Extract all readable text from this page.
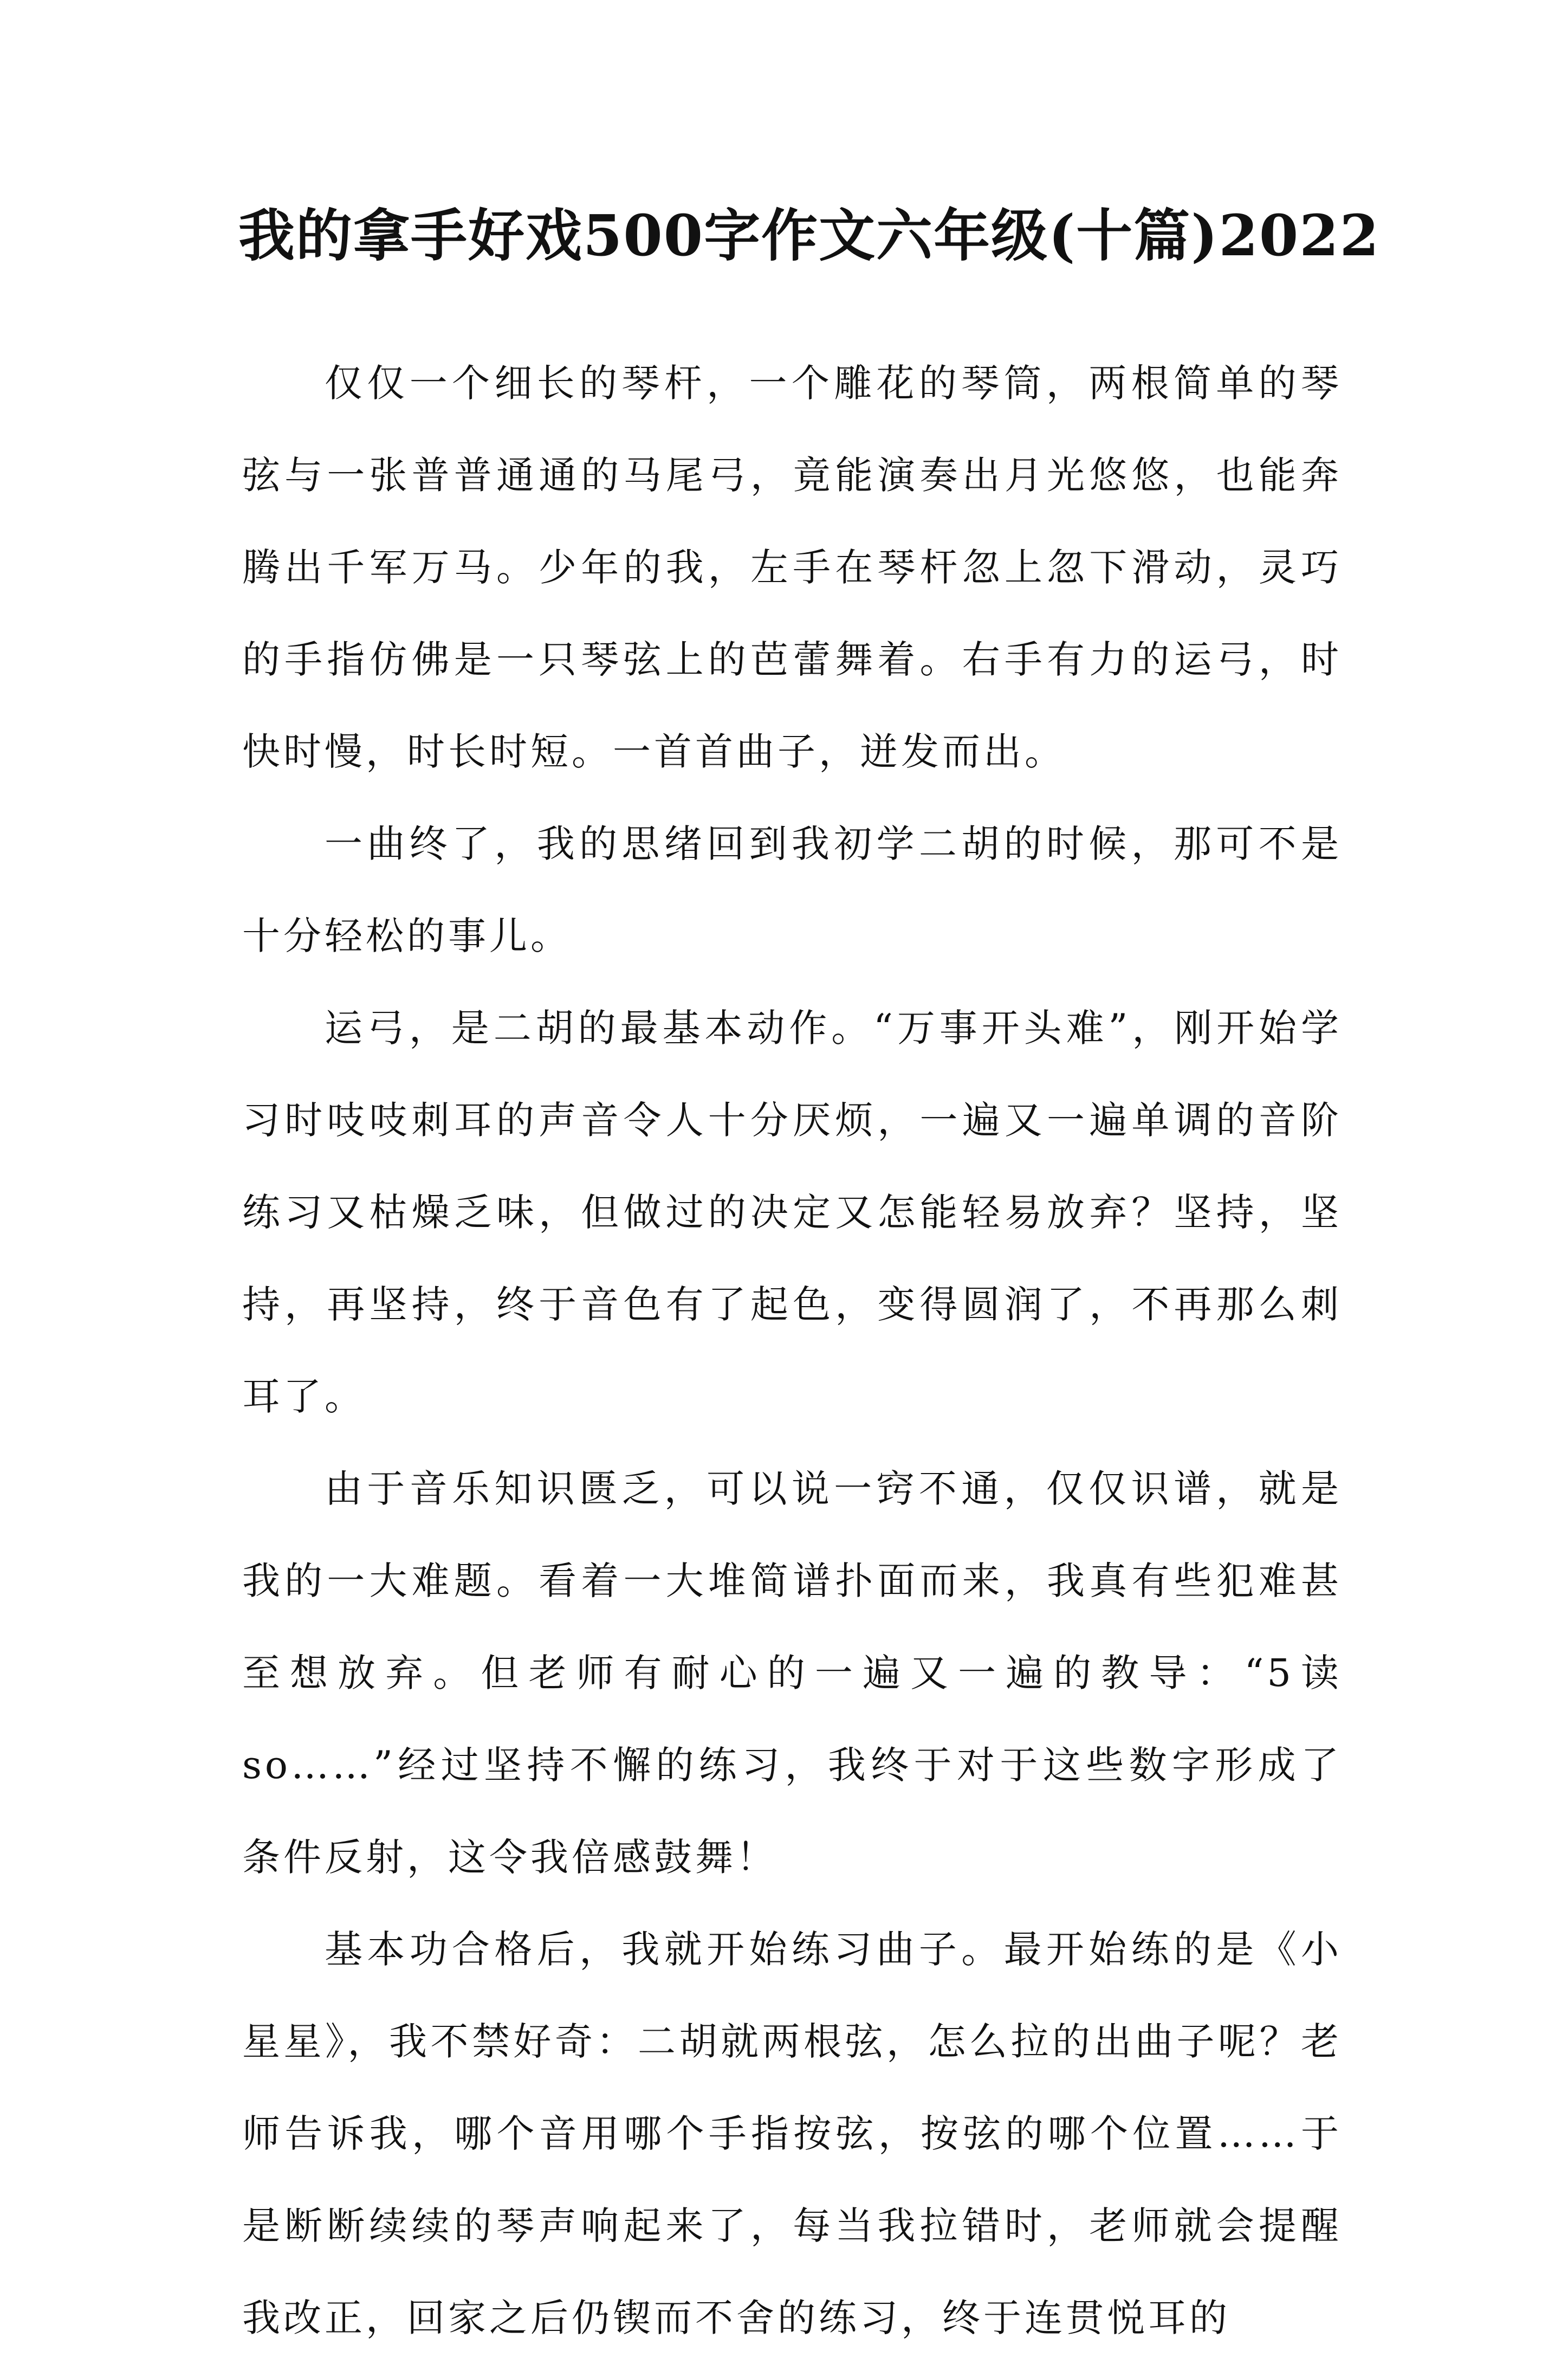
我的拿手好戏500字作文六年级(十篇)2022

仅仅一个细长的琴杆，一个雕花的琴筒，两根简单的琴弦与一张普普通通的马尾弓，竟能演奏出月光悠悠，也能奔腾出千军万马。少年的我，左手在琴杆忽上忽下滑动，灵巧的手指仿佛是一只琴弦上的芭蕾舞着。右手有力的运弓，时快时慢，时长时短。一首首曲子，迸发而出。

一曲终了，我的思绪回到我初学二胡的时候，那可不是十分轻松的事儿。

运弓，是二胡的最基本动作。“万事开头难”，刚开始学习时吱吱刺耳的声音令人十分厌烦，一遍又一遍单调的音阶练习又枯燥乏味，但做过的决定又怎能轻易放弃？坚持，坚持，再坚持，终于音色有了起色，变得圆润了，不再那么刺耳了。

由于音乐知识匮乏，可以说一窍不通，仅仅识谱，就是我的一大难题。看着一大堆简谱扑面而来，我真有些犯难甚至想放弃。但老师有耐心的一遍又一遍的教导：“5读so……”经过坚持不懈的练习，我终于对于这些数字形成了条件反射，这令我倍感鼓舞！

基本功合格后，我就开始练习曲子。最开始练的是《小星星》，我不禁好奇：二胡就两根弦，怎么拉的出曲子呢？老师告诉我，哪个音用哪个手指按弦，按弦的哪个位置……于是断断续续的琴声响起来了，每当我拉错时，老师就会提醒我改正，回家之后仍锲而不舍的练习，终于连贯悦耳的
